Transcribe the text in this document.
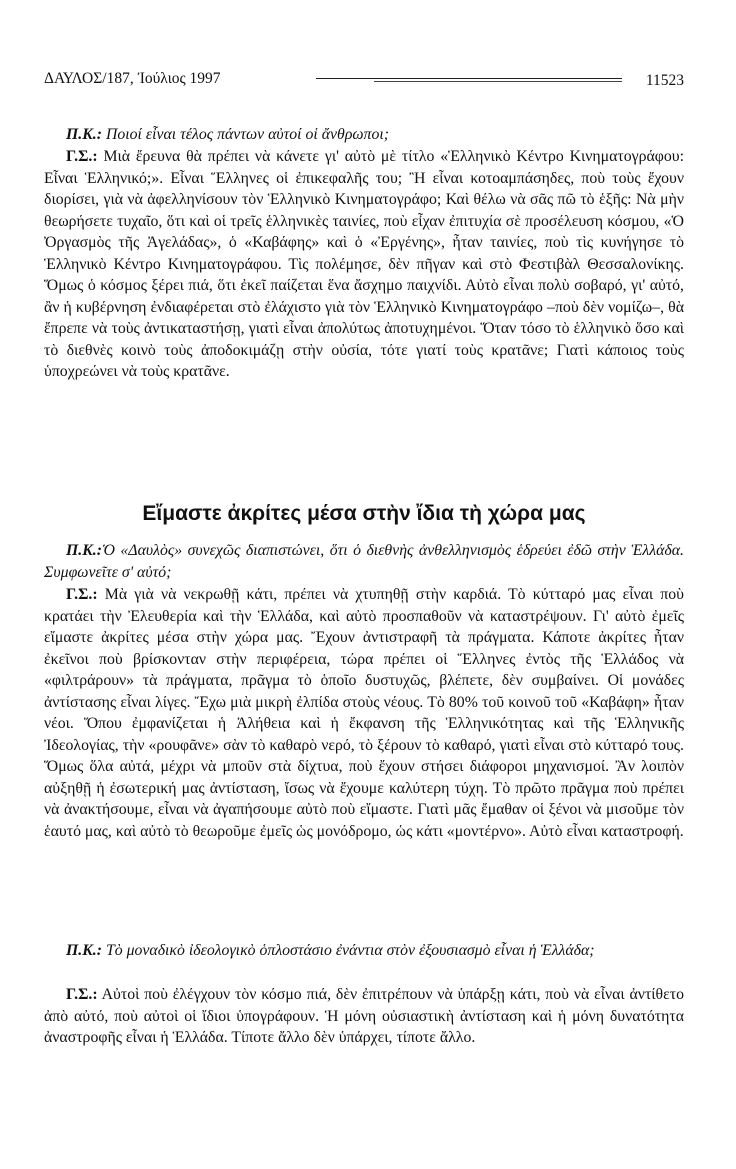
ΔΑΥΛΟΣ/187, Ἰούλιος 1997	11523

Π.Κ.: Ποιοί εἶναι τέλος πάντων αὐτοί οἱ ἄνθρωποι;

Γ.Σ.: Μιὰ ἔρευνα θὰ πρέπει νὰ κάνετε γι' αὐτὸ μὲ τίτλο «Ἑλληνικὸ Κέντρο Κινηματογράφου: Εἶναι Ἑλληνικό;». Εἶναι Ἕλληνες οἱ ἐπικεφαλῆς του; Ἢ εἶναι κοτοαμπάσηδες, ποὺ τοὺς ἔχουν διορίσει, γιὰ νὰ ἀφελληνίσουν τὸν Ἑλληνικὸ Κινηματογράφο; Καὶ θέλω νὰ σᾶς πῶ τὸ ἑξῆς: Νὰ μὴν θεωρήσετε τυχαῖο, ὅτι καὶ οἱ τρεῖς ἑλληνικὲς ταινίες, ποὺ εἶχαν ἐπιτυχία σὲ προσέλευση κόσμου, «Ὁ Ὀργασμὸς τῆς Ἀγελάδας», ὁ «Καβάφης» καὶ ὁ «Ἐργένης», ἦταν ταινίες, ποὺ τὶς κυνήγησε τὸ Ἑλληνικὸ Κέντρο Κινηματογράφου. Τὶς πολέμησε, δὲν πῆγαν καὶ στὸ Φεστιβὰλ Θεσσαλονίκης. Ὅμως ὁ κόσμος ξέρει πιά, ὅτι ἐκεῖ παίζεται ἕνα ἄσχημο παιχνίδι. Αὐτὸ εἶναι πολὺ σοβαρό, γι' αὐτό, ἂν ἡ κυβέρνηση ἐνδιαφέρεται στὸ ἐλάχιστο γιὰ τὸν Ἑλληνικὸ Κινηματογράφο –ποὺ δὲν νομίζω–, θὰ ἔπρεπε νὰ τοὺς ἀντικαταστήσῃ, γιατὶ εἶναι ἀπολύτως ἀποτυχημένοι. Ὅταν τόσο τὸ ἑλληνικὸ ὅσο καὶ τὸ διεθνὲς κοινὸ τοὺς ἀποδοκιμάζῃ στὴν οὐσία, τότε γιατί τοὺς κρατᾶνε; Γιατὶ κάποιος τοὺς ὑποχρεώνει νὰ τοὺς κρατᾶνε.

Εἴμαστε ἀκρίτες μέσα στὴν ἴδια τὴ χώρα μας

Π.Κ.:Ὁ «Δαυλὸς» συνεχῶς διαπιστώνει, ὅτι ὁ διεθνὴς ἀνθελληνισμὸς ἑδρεύει ἐδῶ στὴν Ἑλλάδα. Συμφωνεῖτε σ' αὐτό;

Γ.Σ.: Μὰ γιὰ νὰ νεκρωθῇ κάτι, πρέπει νὰ χτυπηθῇ στὴν καρδιά. Τὸ κύτταρό μας εἶναι ποὺ κρατάει τὴν Ἐλευθερία καὶ τὴν Ἑλλάδα, καὶ αὐτὸ προσπαθοῦν νὰ καταστρέψουν. Γι' αὐτὸ ἐμεῖς εἴμαστε ἀκρίτες μέσα στὴν χώρα μας. Ἔχουν ἀντιστραφῆ τὰ πράγματα. Κάποτε ἀκρίτες ἦταν ἐκεῖνοι ποὺ βρίσκονταν στὴν περιφέρεια, τώρα πρέπει οἱ Ἕλληνες ἐντὸς τῆς Ἑλλάδος νὰ «φιλτράρουν» τὰ πράγματα, πρᾶγμα τὸ ὁποῖο δυστυχῶς, βλέπετε, δὲν συμβαίνει. Οἱ μονάδες ἀντίστασης εἶναι λίγες. Ἔχω μιὰ μικρὴ ἐλπίδα στοὺς νέους. Τὸ 80% τοῦ κοινοῦ τοῦ «Καβάφη» ἦταν νέοι. Ὅπου ἐμφανίζεται ἡ Ἀλήθεια καὶ ἡ ἔκφανση τῆς Ἑλληνικότητας καὶ τῆς Ἑλληνικῆς Ἰδεολογίας, τὴν «ρουφᾶνε» σὰν τὸ καθαρὸ νερό, τὸ ξέρουν τὸ καθαρό, γιατὶ εἶναι στὸ κύτταρό τους. Ὅμως ὅλα αὐτά, μέχρι νὰ μποῦν στὰ δίχτυα, ποὺ ἔχουν στήσει διάφοροι μηχανισμοί. Ἂν λοιπὸν αὐξηθῇ ἡ ἐσωτερική μας ἀντίσταση, ἴσως νὰ ἔχουμε καλύτερη τύχη. Τὸ πρῶτο πρᾶγμα ποὺ πρέπει νὰ ἀνακτήσουμε, εἶναι νὰ ἀγαπήσουμε αὐτὸ ποὺ εἴμαστε. Γιατὶ μᾶς ἔμαθαν οἱ ξένοι νὰ μισοῦμε τὸν ἑαυτό μας, καὶ αὐτὸ τὸ θεωροῦμε ἐμεῖς ὡς μονόδρομο, ὡς κάτι «μοντέρνο». Αὐτὸ εἶναι καταστροφή.

Π.Κ.: Τὸ μοναδικὸ ἰδεολογικὸ ὁπλοστάσιο ἐνάντια στὸν ἐξουσιασμὸ εἶναι ἡ Ἑλλάδα;

Γ.Σ.: Αὐτοὶ ποὺ ἐλέγχουν τὸν κόσμο πιά, δὲν ἐπιτρέπουν νὰ ὑπάρξῃ κάτι, ποὺ νὰ εἶναι ἀντίθετο ἀπὸ αὐτό, ποὺ αὐτοὶ οἱ ἴδιοι ὑπογράφουν. Ἡ μόνη οὐσιαστικὴ ἀντίσταση καὶ ἡ μόνη δυνατότητα ἀναστροφῆς εἶναι ἡ Ἑλλάδα. Τίποτε ἄλλο δὲν ὑπάρχει, τίποτε ἄλλο.
